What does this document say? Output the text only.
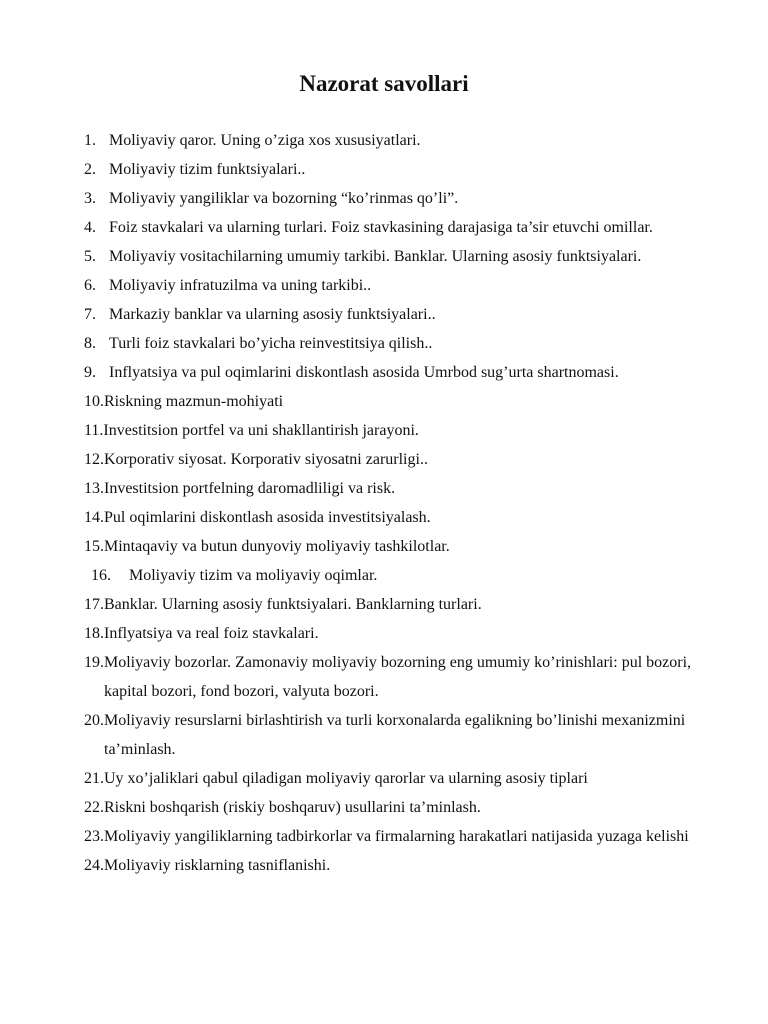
Nazorat savollari
1. Moliyaviy qaror. Uning o’ziga xos xususiyatlari.
2. Moliyaviy tizim funktsiyalari..
3. Moliyaviy yangiliklar va bozorning “ko’rinmas qo’li”.
4. Foiz stavkalari va ularning turlari. Foiz stavkasining darajasiga ta’sir etuvchi omillar.
5. Moliyaviy vositachilarning umumiy tarkibi. Banklar. Ularning asosiy funktsiyalari.
6. Moliyaviy infratuzilma va uning tarkibi..
7. Markaziy banklar va ularning asosiy funktsiyalari..
8. Turli foiz stavkalari bo’yicha reinvestitsiya qilish..
9. Inflyatsiya va pul oqimlarini diskontlash asosida Umrbod sug’urta shartnomasi.
10. Riskning mazmun-mohiyati
11. Investitsion portfel va uni shakllantirish jarayoni.
12. Korporativ siyosat. Korporativ siyosatni zarurligi..
13. Investitsion portfelning daromadliligi va risk.
14. Pul oqimlarini diskontlash asosida investitsiyalash.
15. Mintaqaviy va butun dunyoviy moliyaviy tashkilotlar.
16.	Moliyaviy tizim va moliyaviy oqimlar.
17. Banklar. Ularning asosiy funktsiyalari. Banklarning turlari.
18. Inflyatsiya va real foiz stavkalari.
19. Moliyaviy bozorlar. Zamonaviy moliyaviy bozorning eng umumiy ko’rinishlari: pul bozori, kapital bozori, fond bozori, valyuta bozori.
20. Moliyaviy resurslarni birlashtirish va turli korxonalarda egalikning bo’linishi mexanizmini ta’minlash.
21. Uy xo’jaliklari qabul qiladigan moliyaviy qarorlar va ularning asosiy tiplari
22. Riskni boshqarish (riskiy boshqaruv) usullarini ta’minlash.
23. Moliyaviy yangiliklarning tadbirkorlar va firmalarning harakatlari natijasida yuzaga kelishi
24. Moliyaviy risklarning tasniflanishi.
